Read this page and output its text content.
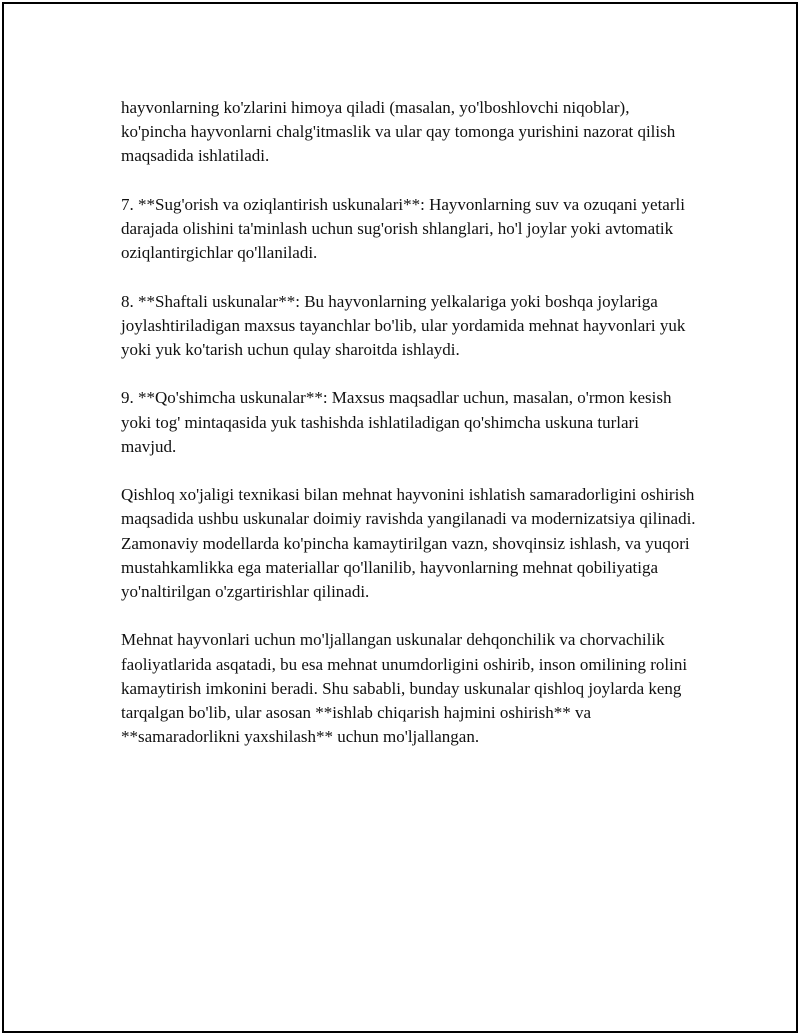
hayvonlarning ko'zlarini himoya qiladi (masalan, yo'lboshlovchi niqoblar), ko'pincha hayvonlarni chalg'itmaslik va ular qay tomonga yurishini nazorat qilish maqsadida ishlatiladi.

7. **Sug'orish va oziqlantirish uskunalari**: Hayvonlarning suv va ozuqani yetarli darajada olishini ta'minlash uchun sug'orish shlanglari, ho'l joylar yoki avtomatik oziqlantirgichlar qo'llaniladi.

8. **Shaftali uskunalar**: Bu hayvonlarning yelkalariga yoki boshqa joylariga joylashtiriladigan maxsus tayanchlar bo'lib, ular yordamida mehnat hayvonlari yuk yoki yuk ko'tarish uchun qulay sharoitda ishlaydi.

9. **Qo'shimcha uskunalar**: Maxsus maqsadlar uchun, masalan, o'rmon kesish yoki tog' mintaqasida yuk tashishda ishlatiladigan qo'shimcha uskuna turlari mavjud.

Qishloq xo'jaligi texnikasi bilan mehnat hayvonini ishlatish samaradorligini oshirish maqsadida ushbu uskunalar doimiy ravishda yangilanadi va modernizatsiya qilinadi. Zamonaviy modellarda ko'pincha kamaytirilgan vazn, shovqinsiz ishlash, va yuqori mustahkamlikka ega materiallar qo'llanilib, hayvonlarning mehnat qobiliyatiga yo'naltirilgan o'zgartirishlar qilinadi.

Mehnat hayvonlari uchun mo'ljallangan uskunalar dehqonchilik va chorvachilik faoliyatlarida asqatadi, bu esa mehnat unumdorligini oshirib, inson omilining rolini kamaytirish imkonini beradi. Shu sababli, bunday uskunalar qishloq joylarda keng tarqalgan bo'lib, ular asosan **ishlab chiqarish hajmini oshirish** va **samaradorlikni yaxshilash** uchun mo'ljallangan.
